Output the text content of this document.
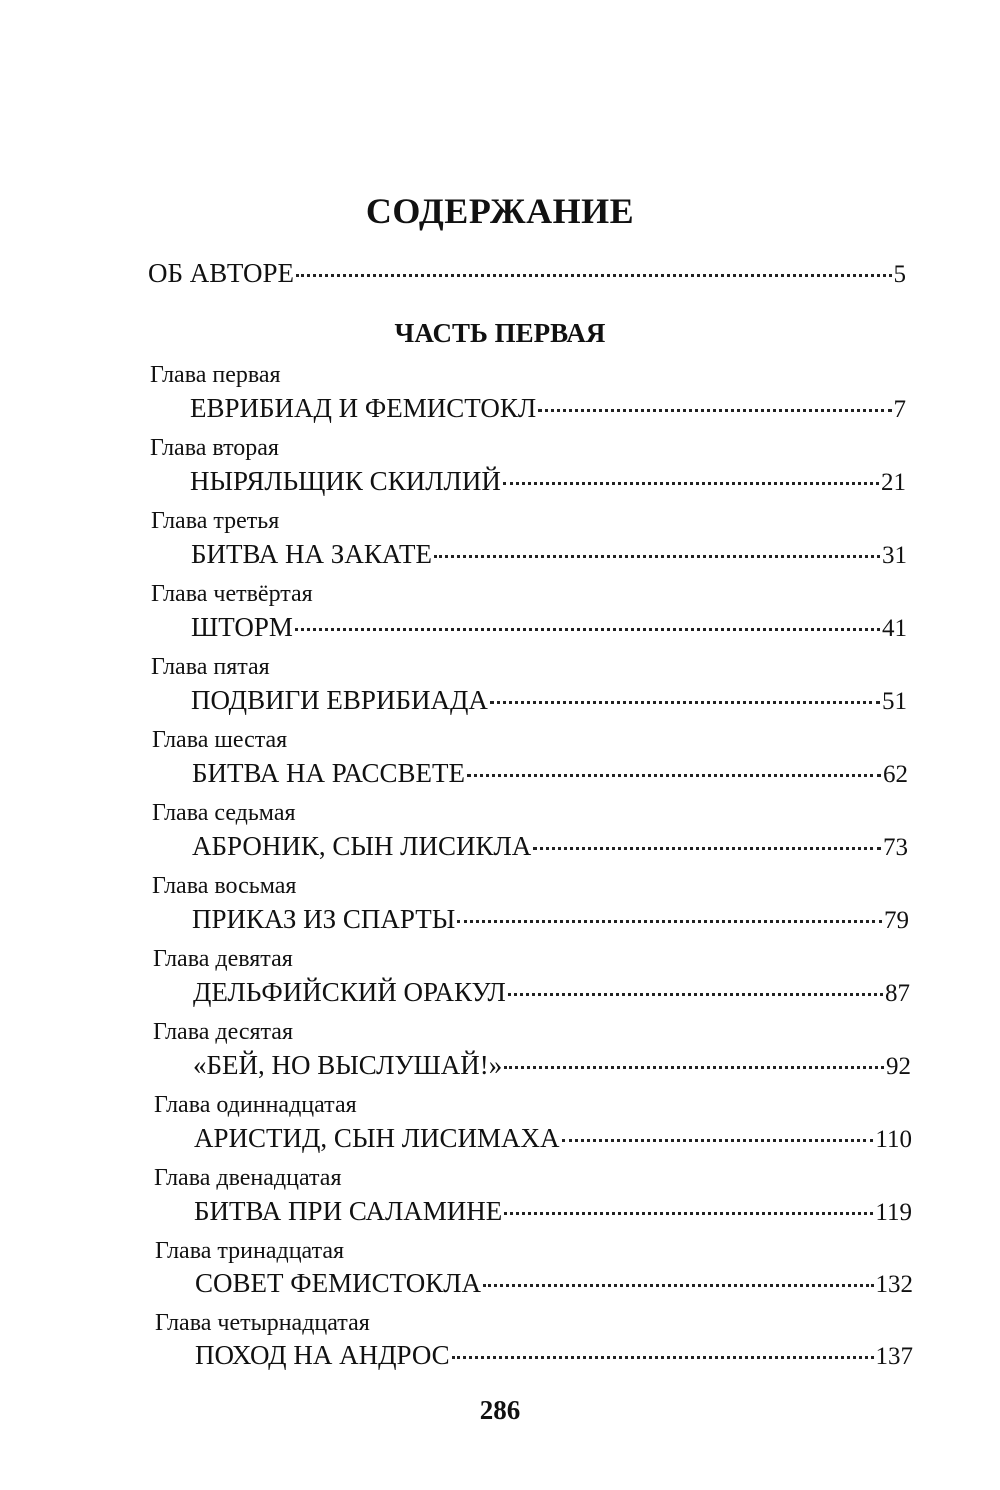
СОДЕРЖАНИЕ
ОБ АВТОРЕ	5
ЧАСТЬ ПЕРВАЯ
Глава первая
ЕВРИБИАД И ФЕМИСТОКЛ	7
Глава вторая
НЫРЯЛЬЩИК СКИЛЛИЙ	21
Глава третья
БИТВА НА ЗАКАТЕ	31
Глава четвёртая
ШТОРМ	41
Глава пятая
ПОДВИГИ ЕВРИБИАДА	51
Глава шестая
БИТВА НА РАССВЕТЕ	62
Глава седьмая
АБРОНИК, СЫН ЛИСИКЛА	73
Глава восьмая
ПРИКАЗ ИЗ СПАРТЫ	79
Глава девятая
ДЕЛЬФИЙСКИЙ ОРАКУЛ	87
Глава десятая
«БЕЙ, НО ВЫСЛУШАЙ!»	92
Глава одиннадцатая
АРИСТИД, СЫН ЛИСИМАХА	110
Глава двенадцатая
БИТВА ПРИ САЛАМИНЕ	119
Глава тринадцатая
СОВЕТ ФЕМИСТОКЛА	132
Глава четырнадцатая
ПОХОД НА АНДРОС	137
286
